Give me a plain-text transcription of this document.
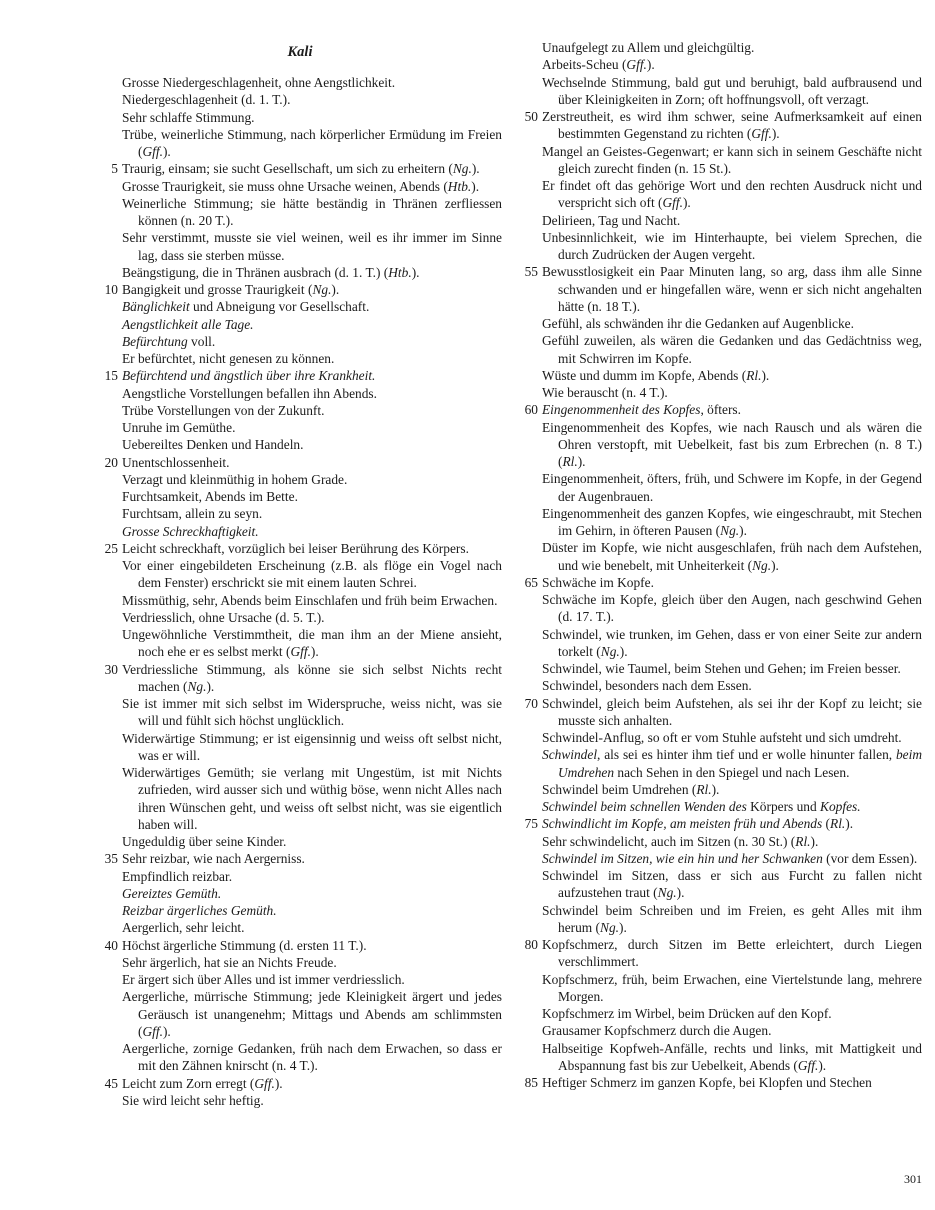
Kali
Grosse Niedergeschlagenheit, ohne Aengstlichkeit.
Niedergeschlagenheit (d. 1. T.).
Sehr schlaffe Stimmung.
Trübe, weinerliche Stimmung, nach körperlicher Ermüdung im Freien (Gff.).
5 Traurig, einsam; sie sucht Gesellschaft, um sich zu erheitern (Ng.).
Grosse Traurigkeit, sie muss ohne Ursache weinen, Abends (Htb.).
Weinerliche Stimmung; sie hätte beständig in Thränen zerfliessen können (n. 20 T.).
Sehr verstimmt, musste sie viel weinen, weil es ihr immer im Sinne lag, dass sie sterben müsse.
Beängstigung, die in Thränen ausbrach (d. 1. T.) (Htb.).
10 Bangigkeit und grosse Traurigkeit (Ng.).
Bänglichkeit und Abneigung vor Gesellschaft.
Aengstlichkeit alle Tage.
Befürchtung voll.
Er befürchtet, nicht genesen zu können.
15 Befürchtend und ängstlich über ihre Krankheit.
Aengstliche Vorstellungen befallen ihn Abends.
Trübe Vorstellungen von der Zukunft.
Unruhe im Gemüthe.
Uebereiltes Denken und Handeln.
20 Unentschlossenheit.
Verzagt und kleinmüthig in hohem Grade.
Furchtsamkeit, Abends im Bette.
Furchtsam, allein zu seyn.
Grosse Schreckhaftigkeit.
25 Leicht schreckhaft, vorzüglich bei leiser Berührung des Körpers.
Vor einer eingebildeten Erscheinung (z.B. als flöge ein Vogel nach dem Fenster) erschrickt sie mit einem lauten Schrei.
Missmüthig, sehr, Abends beim Einschlafen und früh beim Erwachen.
Verdriesslich, ohne Ursache (d. 5. T.).
Ungewöhnliche Verstimmtheit, die man ihm an der Miene ansieht, noch ehe er es selbst merkt (Gff.).
30 Verdriessliche Stimmung, als könne sie sich selbst Nichts recht machen (Ng.).
Sie ist immer mit sich selbst im Widerspruche, weiss nicht, was sie will und fühlt sich höchst unglücklich.
Widerwärtige Stimmung; er ist eigensinnig und weiss oft selbst nicht, was er will.
Widerwärtiges Gemüth; sie verlang mit Ungestüm, ist mit Nichts zufrieden, wird ausser sich und wüthig böse, wenn nicht Alles nach ihren Wünschen geht, und weiss oft selbst nicht, was sie eigentlich haben will.
Ungeduldig über seine Kinder.
35 Sehr reizbar, wie nach Aergerniss.
Empfindlich reizbar.
Gereiztes Gemüth.
Reizbar ärgerliches Gemüth.
Aergerlich, sehr leicht.
40 Höchst ärgerliche Stimmung (d. ersten 11 T.).
Sehr ärgerlich, hat sie an Nichts Freude.
Er ärgert sich über Alles und ist immer verdriesslich.
Aergerliche, mürrische Stimmung; jede Kleinigkeit ärgert und jedes Geräusch ist unangenehm; Mittags und Abends am schlimmsten (Gff.).
Aergerliche, zornige Gedanken, früh nach dem Erwachen, so dass er mit den Zähnen knirscht (n. 4 T.).
45 Leicht zum Zorn erregt (Gff.).
Sie wird leicht sehr heftig.
Unaufgelegt zu Allem und gleichgültig.
Arbeits-Scheu (Gff.).
Wechselnde Stimmung, bald gut und beruhigt, bald aufbrausend und über Kleinigkeiten in Zorn; oft hoffnungsvoll, oft verzagt.
50 Zerstreutheit, es wird ihm schwer, seine Aufmerksamkeit auf einen bestimmten Gegenstand zu richten (Gff.).
Mangel an Geistes-Gegenwart; er kann sich in seinem Geschäfte nicht gleich zurecht finden (n. 15 St.).
Er findet oft das gehörige Wort und den rechten Ausdruck nicht und verspricht sich oft (Gff.).
Delirieen, Tag und Nacht.
Unbesinnlichkeit, wie im Hinterhaupte, bei vielem Sprechen, die durch Zudrücken der Augen vergeht.
55 Bewusstlosigkeit ein Paar Minuten lang, so arg, dass ihm alle Sinne schwanden und er hingefallen wäre, wenn er sich nicht angehalten hätte (n. 18 T.).
Gefühl, als schwänden ihr die Gedanken auf Augenblicke.
Gefühl zuweilen, als wären die Gedanken und das Gedächtniss weg, mit Schwirren im Kopfe.
Wüste und dumm im Kopfe, Abends (Rl.).
Wie berauscht (n. 4 T.).
60 Eingenommenheit des Kopfes, öfters.
Eingenommenheit des Kopfes, wie nach Rausch und als wären die Ohren verstopft, mit Uebelkeit, fast bis zum Erbrechen (n. 8 T.) (Rl.).
Eingenommenheit, öfters, früh, und Schwere im Kopfe, in der Gegend der Augenbrauen.
Eingenommenheit des ganzen Kopfes, wie eingeschraubt, mit Stechen im Gehirn, in öfteren Pausen (Ng.).
Düster im Kopfe, wie nicht ausgeschlafen, früh nach dem Aufstehen, und wie benebelt, mit Unheiterkeit (Ng.).
65 Schwäche im Kopfe.
Schwäche im Kopfe, gleich über den Augen, nach geschwind Gehen (d. 17. T.).
Schwindel, wie trunken, im Gehen, dass er von einer Seite zur andern torkelt (Ng.).
Schwindel, wie Taumel, beim Stehen und Gehen; im Freien besser.
Schwindel, besonders nach dem Essen.
70 Schwindel, gleich beim Aufstehen, als sei ihr der Kopf zu leicht; sie musste sich anhalten.
Schwindel-Anflug, so oft er vom Stuhle aufsteht und sich umdreht.
Schwindel, als sei es hinter ihm tief und er wolle hinunter fallen, beim Umdrehen nach Sehen in den Spiegel und nach Lesen.
Schwindel beim Umdrehen (Rl.).
Schwindel beim schnellen Wenden des Körpers und Kopfes.
75 Schwindlicht im Kopfe, am meisten früh und Abends (Rl.).
Sehr schwindelicht, auch im Sitzen (n. 30 St.) (Rl.).
Schwindel im Sitzen, wie ein hin und her Schwanken (vor dem Essen).
Schwindel im Sitzen, dass er sich aus Furcht zu fallen nicht aufzustehen traut (Ng.).
Schwindel beim Schreiben und im Freien, es geht Alles mit ihm herum (Ng.).
80 Kopfschmerz, durch Sitzen im Bette erleichtert, durch Liegen verschlimmert.
Kopfschmerz, früh, beim Erwachen, eine Viertelstunde lang, mehrere Morgen.
Kopfschmerz im Wirbel, beim Drücken auf den Kopf.
Grausamer Kopfschmerz durch die Augen.
Halbseitige Kopfweh-Anfälle, rechts und links, mit Mattigkeit und Abspannung fast bis zur Uebelkeit, Abends (Gff.).
85 Heftiger Schmerz im ganzen Kopfe, bei Klopfen und Stechen
301
